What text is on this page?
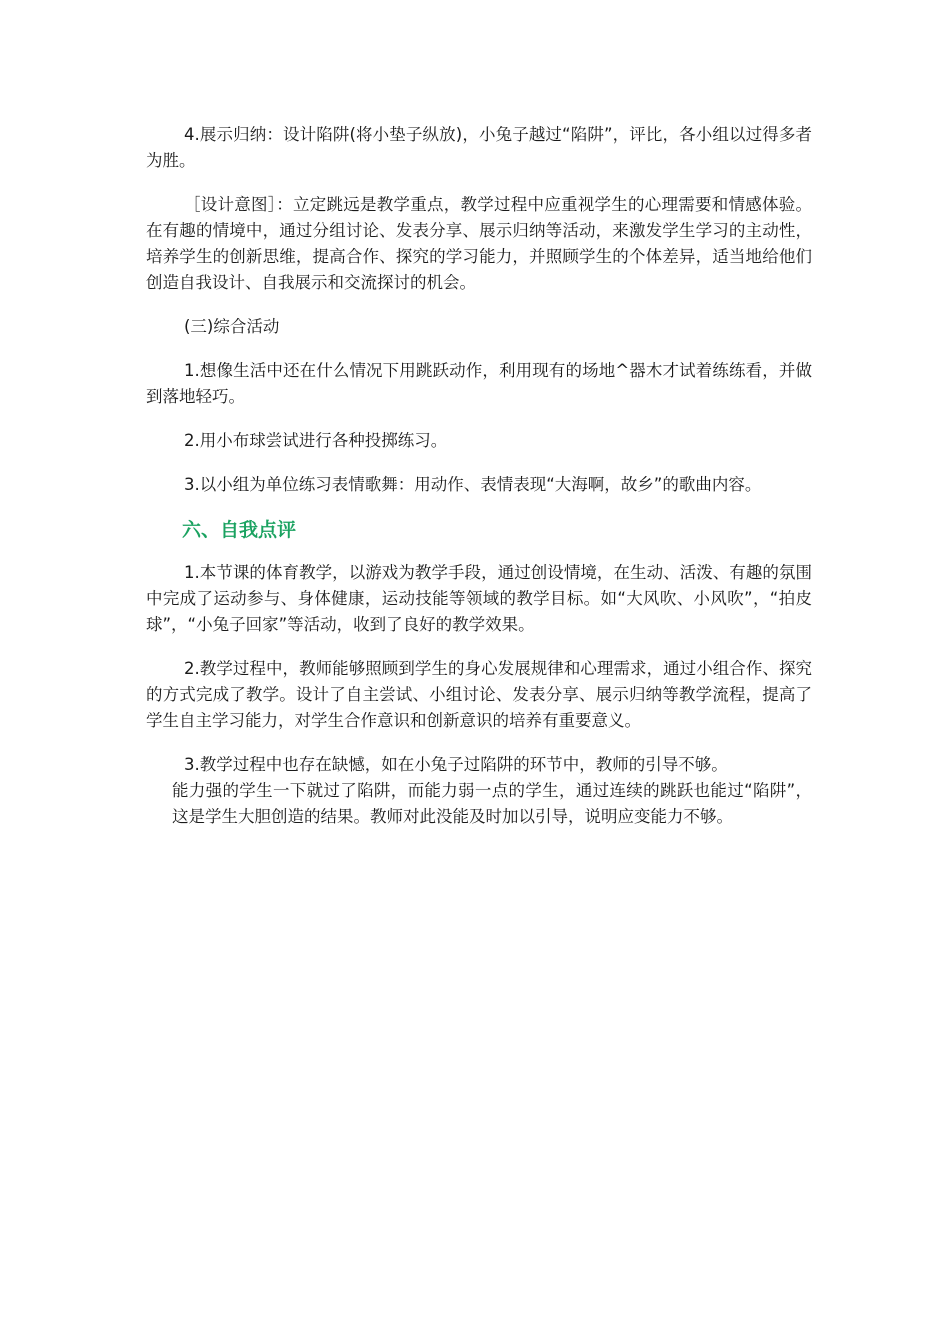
4.展示归纳：设计陷阱(将小垫子纵放)，小兔子越过“陷阱”，评比，各小组以过得多者为胜。

［设计意图］：立定跳远是教学重点，教学过程中应重视学生的心理需要和情感体验。在有趣的情境中，通过分组讨论、发表分享、展示归纳等活动，来激发学生学习的主动性，培养学生的创新思维，提高合作、探究的学习能力，并照顾学生的个体差异，适当地给他们创造自我设计、自我展示和交流探讨的机会。

(三)综合活动

1.想像生活中还在什么情况下用跳跃动作，利用现有的场地^器木才试着练练看，并做到落地轻巧。

2.用小布球尝试进行各种投掷练习。

3.以小组为单位练习表情歌舞：用动作、表情表现“大海啊，故乡”的歌曲内容。

六、自我点评

1.本节课的体育教学，以游戏为教学手段，通过创设情境，在生动、活泼、有趣的氛围中完成了运动参与、身体健康，运动技能等领域的教学目标。如“大风吹、小风吹”，“拍皮球”，“小兔子回家”等活动，收到了良好的教学效果。

2.教学过程中，教师能够照顾到学生的身心发展规律和心理需求，通过小组合作、探究的方式完成了教学。设计了自主尝试、小组讨论、发表分享、展示归纳等教学流程，提高了学生自主学习能力，对学生合作意识和创新意识的培养有重要意义。

3.教学过程中也存在缺憾，如在小兔子过陷阱的环节中，教师的引导不够。
能力强的学生一下就过了陷阱，而能力弱一点的学生，通过连续的跳跃也能过“陷阱”，这是学生大胆创造的结果。教师对此没能及时加以引导，说明应变能力不够。
